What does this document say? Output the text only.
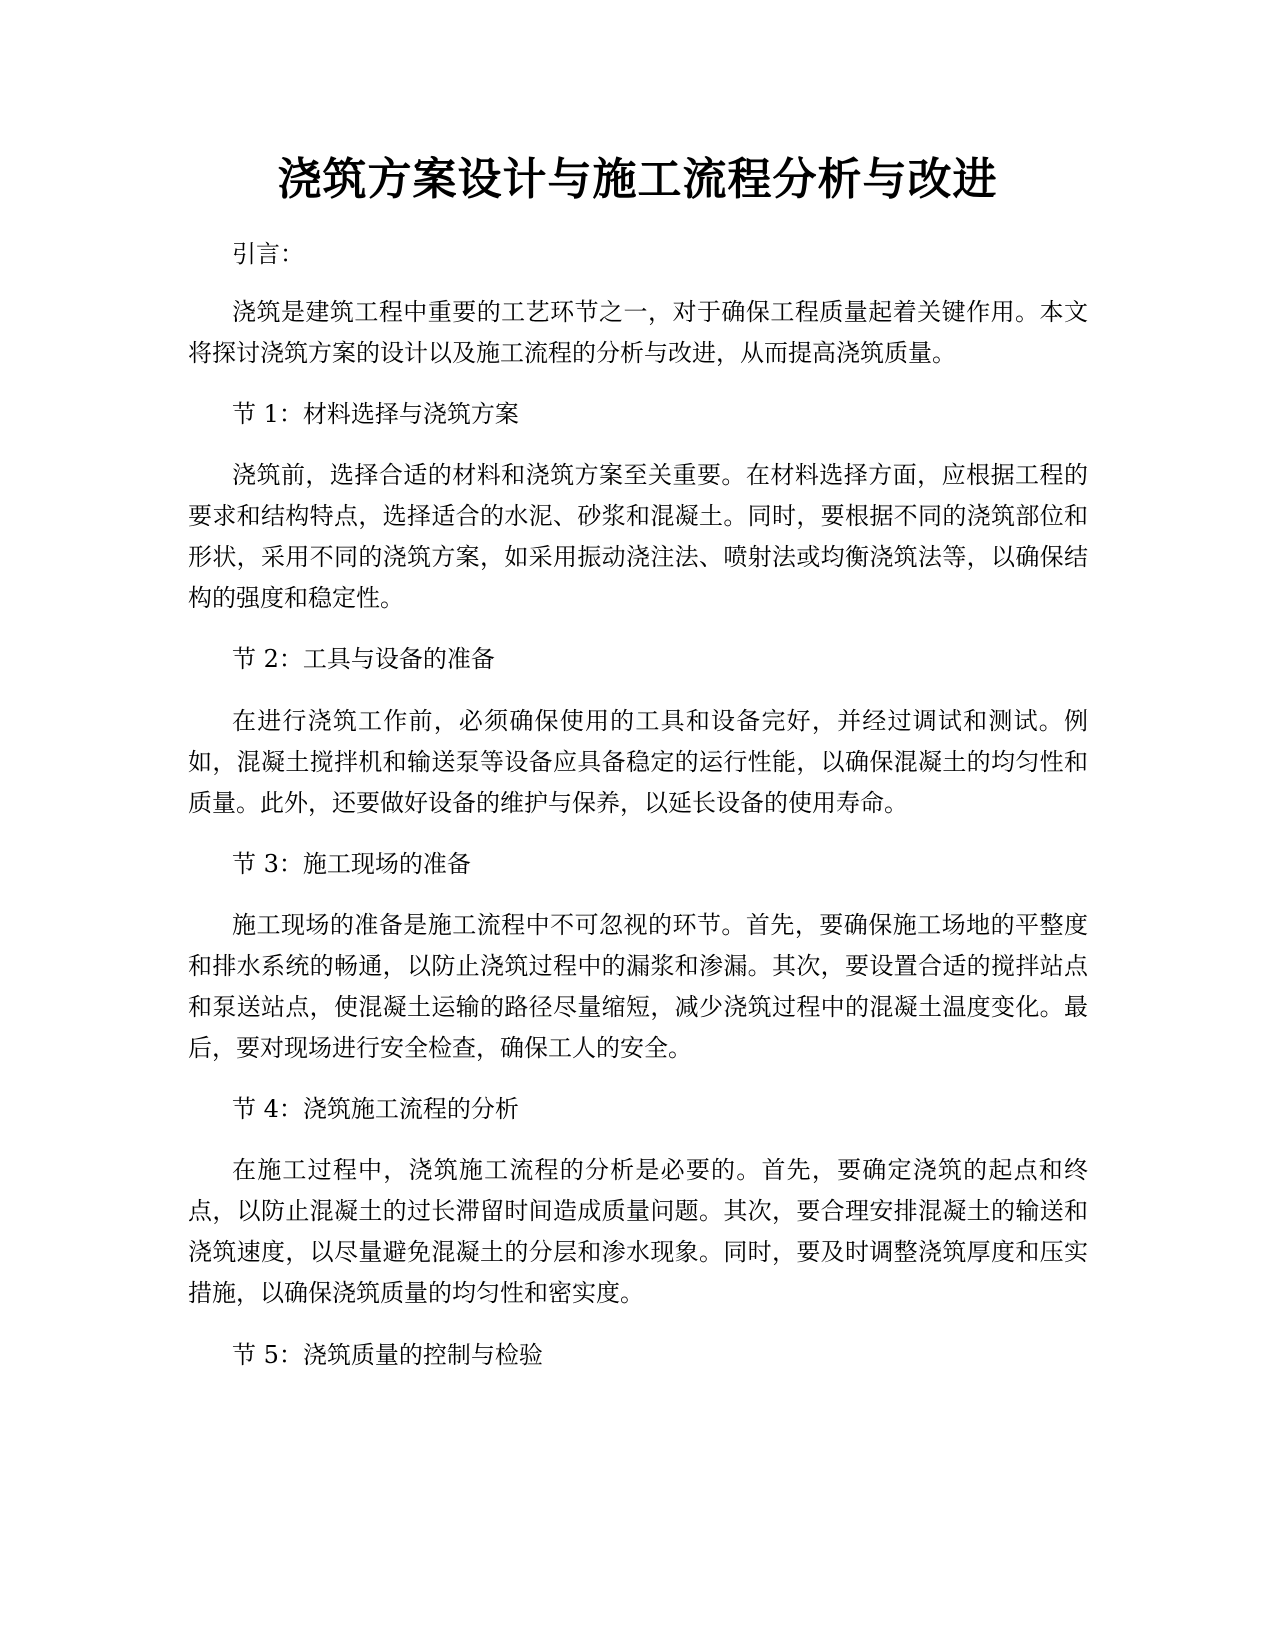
浇筑方案设计与施工流程分析与改进

引言：

浇筑是建筑工程中重要的工艺环节之一，对于确保工程质量起着关键作用。本文将探讨浇筑方案的设计以及施工流程的分析与改进，从而提高浇筑质量。

节 1：材料选择与浇筑方案

浇筑前，选择合适的材料和浇筑方案至关重要。在材料选择方面，应根据工程的要求和结构特点，选择适合的水泥、砂浆和混凝土。同时，要根据不同的浇筑部位和形状，采用不同的浇筑方案，如采用振动浇注法、喷射法或均衡浇筑法等，以确保结构的强度和稳定性。

节 2：工具与设备的准备

在进行浇筑工作前，必须确保使用的工具和设备完好，并经过调试和测试。例如，混凝土搅拌机和输送泵等设备应具备稳定的运行性能，以确保混凝土的均匀性和质量。此外，还要做好设备的维护与保养，以延长设备的使用寿命。

节 3：施工现场的准备

施工现场的准备是施工流程中不可忽视的环节。首先，要确保施工场地的平整度和排水系统的畅通，以防止浇筑过程中的漏浆和渗漏。其次，要设置合适的搅拌站点和泵送站点，使混凝土运输的路径尽量缩短，减少浇筑过程中的混凝土温度变化。最后，要对现场进行安全检查，确保工人的安全。

节 4：浇筑施工流程的分析

在施工过程中，浇筑施工流程的分析是必要的。首先，要确定浇筑的起点和终点，以防止混凝土的过长滞留时间造成质量问题。其次，要合理安排混凝土的输送和浇筑速度，以尽量避免混凝土的分层和渗水现象。同时，要及时调整浇筑厚度和压实措施，以确保浇筑质量的均匀性和密实度。

节 5：浇筑质量的控制与检验
